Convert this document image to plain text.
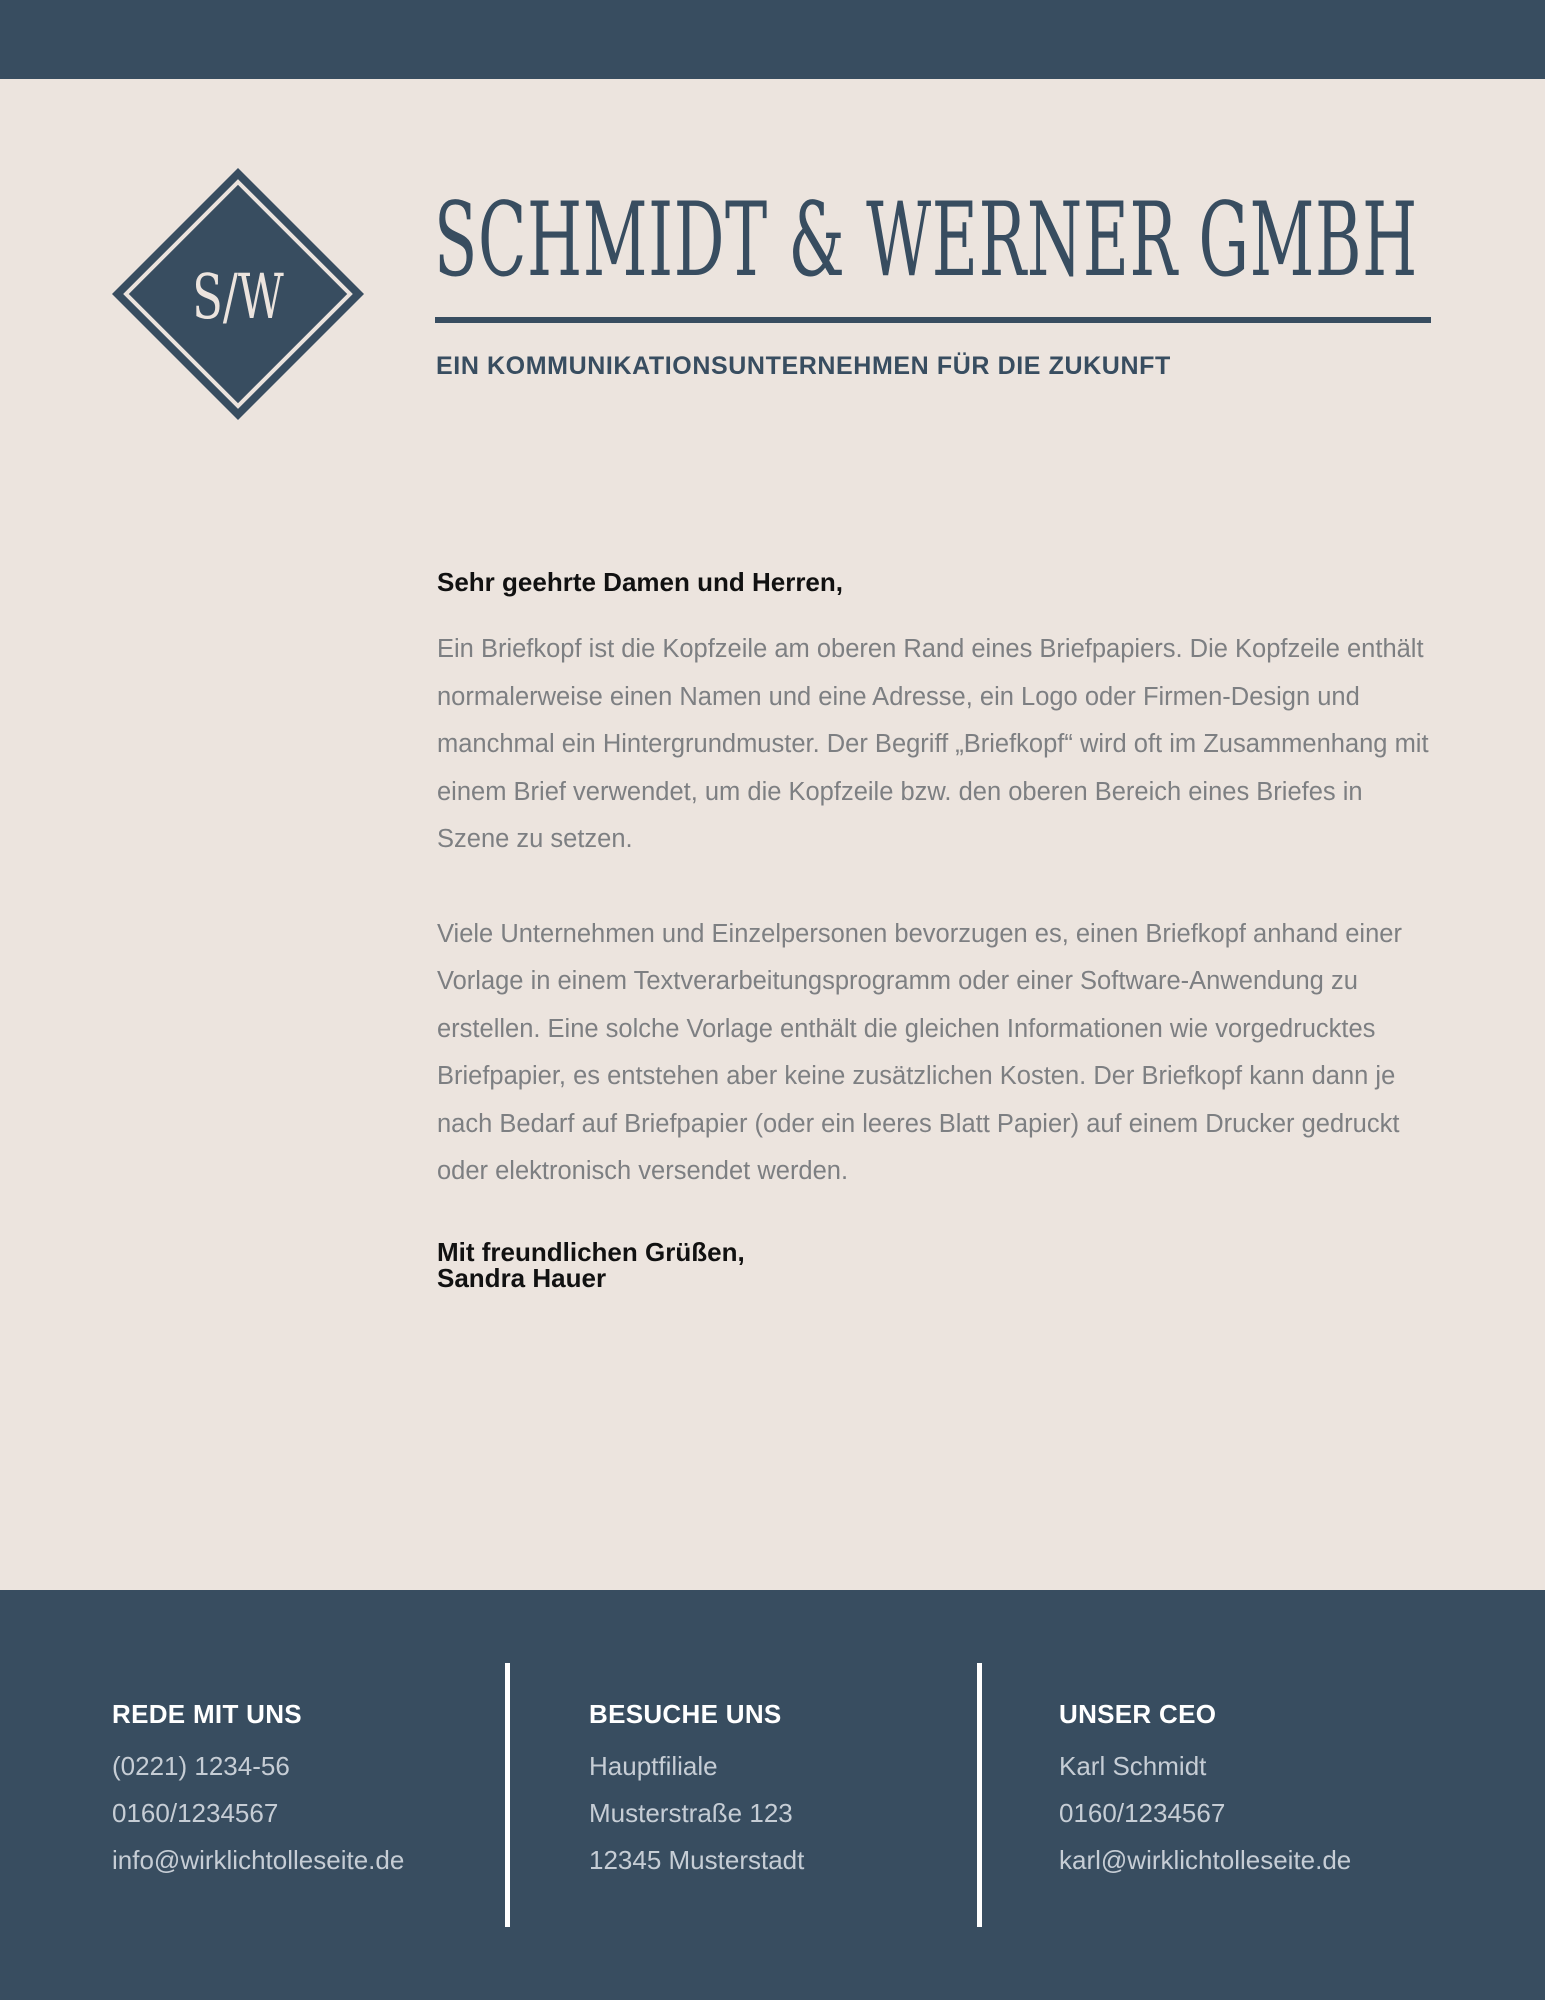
S/W SCHMIDT & WERNER GMBH
EIN KOMMUNIKATIONSUNTERNEHMEN FÜR DIE ZUKUNFT
Sehr geehrte Damen und Herren,

Ein Briefkopf ist die Kopfzeile am oberen Rand eines Briefpapiers. Die Kopfzeile enthält normalerweise einen Namen und eine Adresse, ein Logo oder Firmen-Design und manchmal ein Hintergrundmuster. Der Begriff „Briefkopf“ wird oft im Zusammenhang mit einem Brief verwendet, um die Kopfzeile bzw. den oberen Bereich eines Briefes in Szene zu setzen.

Viele Unternehmen und Einzelpersonen bevorzugen es, einen Briefkopf anhand einer Vorlage in einem Textverarbeitungsprogramm oder einer Software-Anwendung zu erstellen. Eine solche Vorlage enthält die gleichen Informationen wie vorgedrucktes Briefpapier, es entstehen aber keine zusätzlichen Kosten. Der Briefkopf kann dann je nach Bedarf auf Briefpapier (oder ein leeres Blatt Papier) auf einem Drucker gedruckt oder elektronisch versendet werden.

Mit freundlichen Grüßen,
Sandra Hauer
REDE MIT UNS
(0221) 1234-56
0160/1234567
info@wirklichtolleseite.de
BESUCHE UNS
Hauptfiliale
Musterstraße 123
12345 Musterstadt
UNSER CEO
Karl Schmidt
0160/1234567
karl@wirklichtolleseite.de
